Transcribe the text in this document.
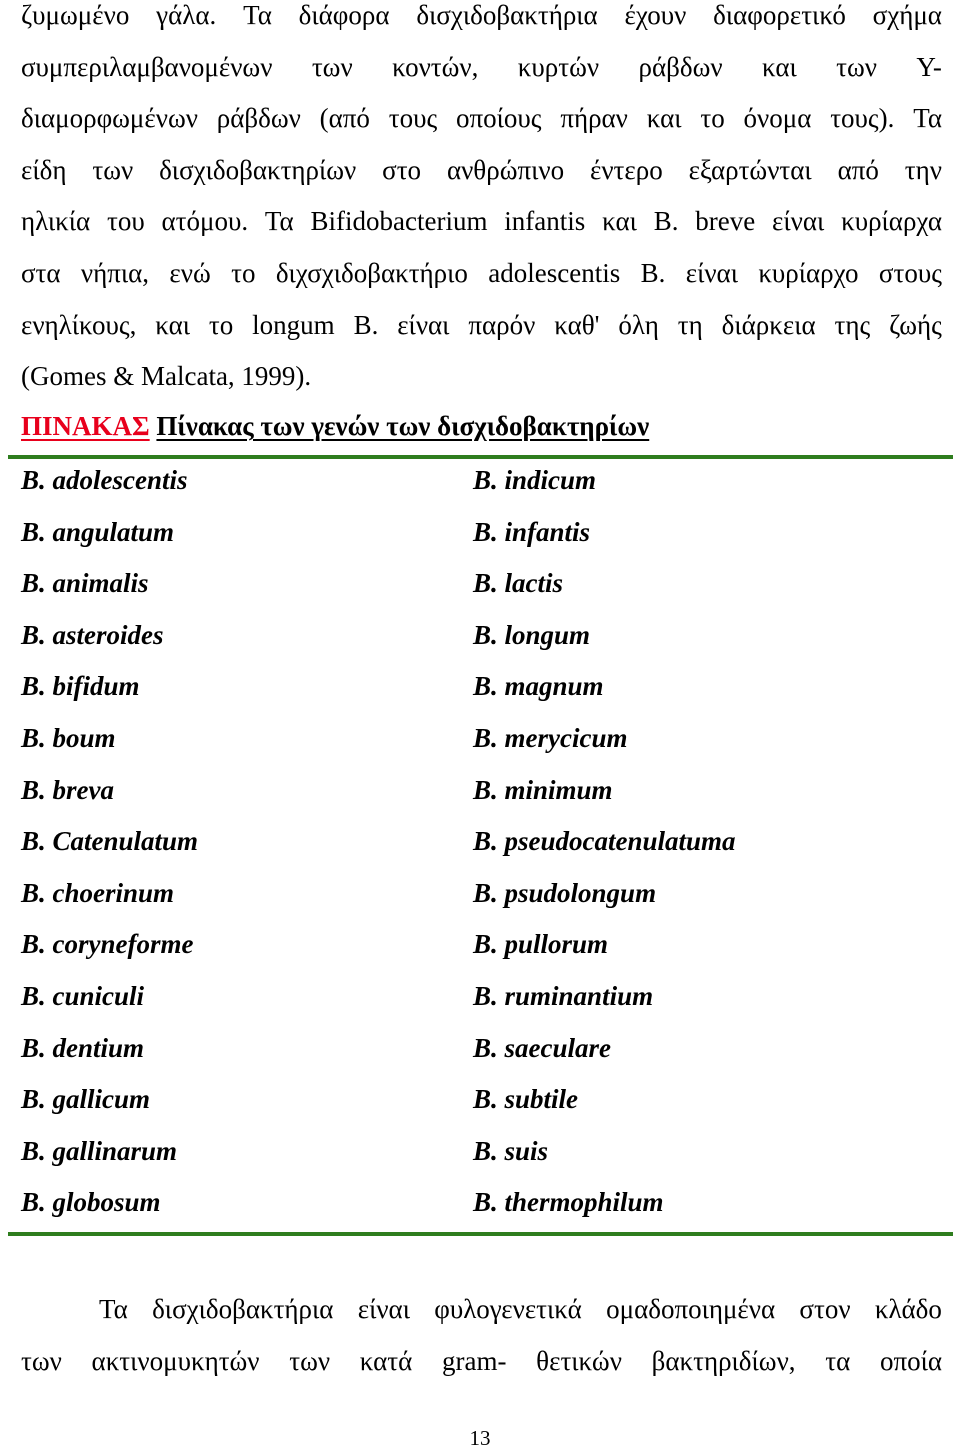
ζυμωμένο γάλα. Τα διάφορα δισχιδοβακτήρια έχουν διαφορετικό σχήμα
συμπεριλαμβανομένων των κοντών, κυρτών ράβδων και των Υ-
διαμορφωμένων ράβδων (από τους οποίους πήραν και το όνομα τους). Τα
είδη των δισχιδοβακτηρίων στο ανθρώπινο έντερο εξαρτώνται από την
ηλικία του ατόμου. Τα Bifidobacterium infantis και B. breve είναι κυρίαρχα
στα νήπια, ενώ το διχσχιδοβακτήριο adolescentis B. είναι κυρίαρχο στους
ενηλίκους, και το longum B. είναι παρόν καθ' όλη τη διάρκεια της ζωής
(Gomes & Malcata, 1999).
ΠΙΝΑΚΑΣ Πίνακας των γενών των δισχιδοβακτηρίων
B. adolescentis
B. angulatum
B. animalis
B. asteroides
B. bifidum
B. boum
B. breva
B. Catenulatum
B. choerinum
B. coryneforme
B. cuniculi
B. dentium
B. gallicum
B. gallinarum
B. globosum
B. indicum
B. infantis
B. lactis
B. longum
B. magnum
B. merycicum
B. minimum
B. pseudocatenulatuma
B. psudolongum
B. pullorum
B. ruminantium
B. saeculare
B. subtile
B. suis
B. thermophilum
Τα δισχιδοβακτήρια είναι φυλογενετικά ομαδοποιημένα στον κλάδο
των ακτινομυκητών των κατά gram- θετικών βακτηριδίων, τα οποία
13
